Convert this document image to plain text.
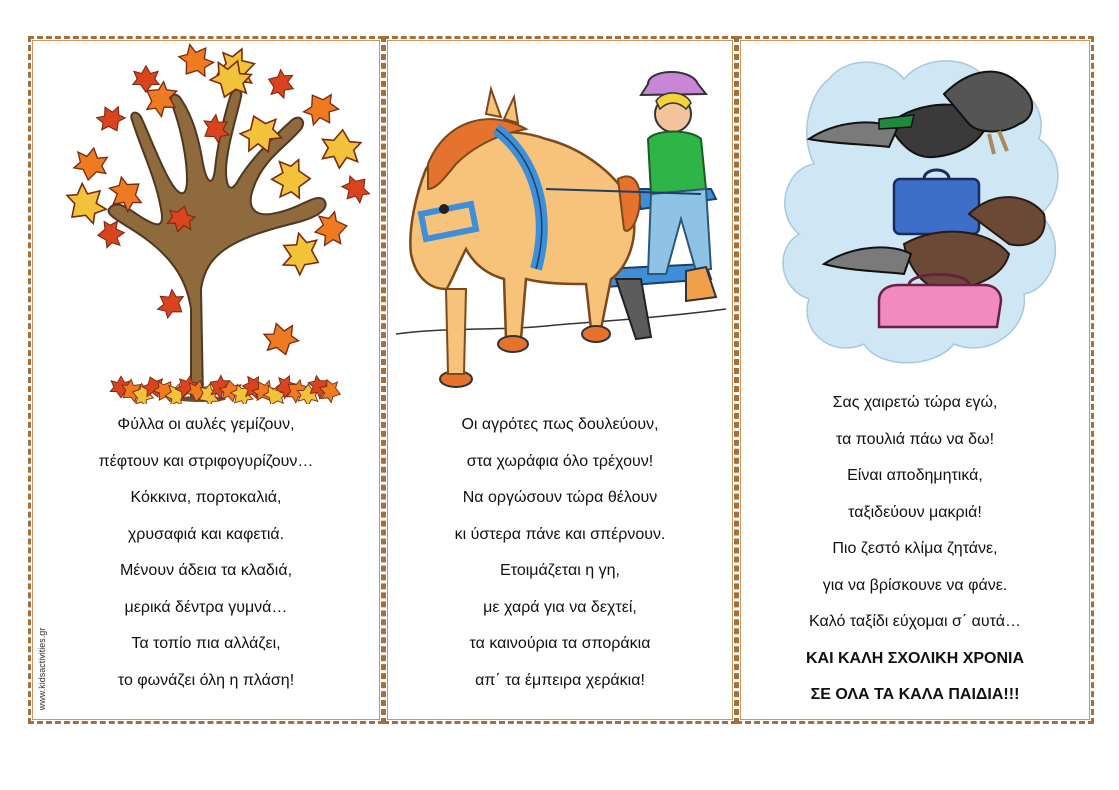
Φύλλα οι αυλές γεμίζουν,
πέφτουν και στριφογυρίζουν…
Κόκκινα, πορτοκαλιά,
χρυσαφιά και καφετιά.
Μένουν άδεια τα κλαδιά,
μερικά δέντρα γυμνά…
Τα τοπίο πια αλλάζει,
το φωνάζει όλη η πλάση!
www.kidsactivities.gr
Οι αγρότες πως δουλεύουν,
στα χωράφια όλο τρέχουν!
Να οργώσουν τώρα θέλουν
κι ύστερα πάνε και σπέρνουν.
Ετοιμάζεται η γη,
με χαρά για να δεχτεί,
τα καινούρια τα σποράκια
απ΄ τα έμπειρα χεράκια!
Σας χαιρετώ τώρα εγώ,
τα πουλιά πάω να δω!
Είναι αποδημητικά,
ταξιδεύουν μακριά!
Πιο ζεστό κλίμα ζητάνε,
για να βρίσκουνε να φάνε.
Καλό ταξίδι εύχομαι σ΄ αυτά…
ΚΑΙ ΚΑΛΗ ΣΧΟΛΙΚΗ ΧΡΟΝΙΑ
ΣΕ ΟΛΑ ΤΑ ΚΑΛΑ ΠΑΙΔΙΑ!!!
